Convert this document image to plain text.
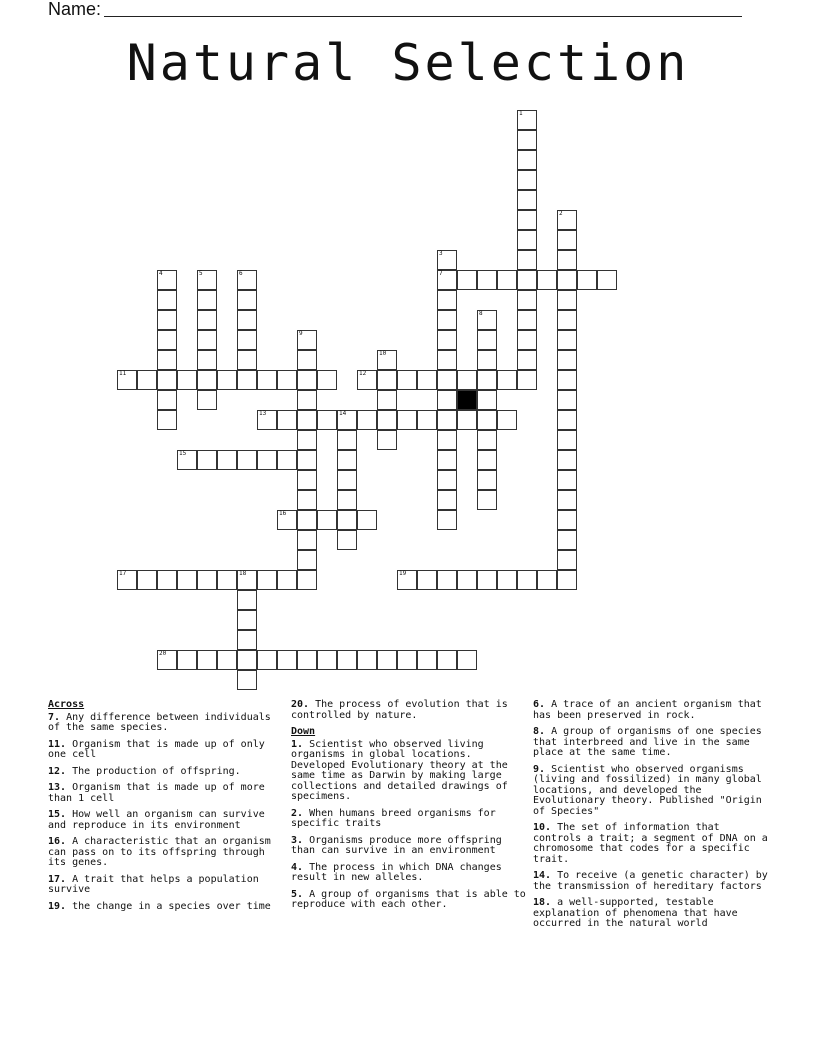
Name:
Natural Selection
7
11	12
13	14
15
16
17	18	19
20
1
2
3
4	5	6
8
9
10
Across
7. Any difference between individuals of the same species.
11. Organism that is made up of only one cell
12. The production of offspring.
13. Organism that is made up of more than 1 cell
15. How well an organism can survive and reproduce in its environment
16. A characteristic that an organism can pass on to its offspring through its genes.
17. A trait that helps a population survive
19. the change in a species over time
20. The process of evolution that is controlled by nature.
Down
1. Scientist who observed living organisms in global locations. Developed Evolutionary theory at the same time as Darwin by making large collections and detailed drawings of specimens.
2. When humans breed organisms for specific traits
3. Organisms produce more offspring than can survive in an environment
4. The process in which DNA changes result in new alleles.
5. A group of organisms that is able to reproduce with each other.
6. A trace of an ancient organism that has been preserved in rock.
8. A group of organisms of one species that interbreed and live in the same place at the same time.
9. Scientist who observed organisms (living and fossilized) in many global locations, and developed the Evolutionary theory. Published "Origin of Species"
10. The set of information that controls a trait; a segment of DNA on a chromosome that codes for a specific trait.
14. To receive (a genetic character) by the transmission of hereditary factors
18. a well-supported, testable explanation of phenomena that have occurred in the natural world
